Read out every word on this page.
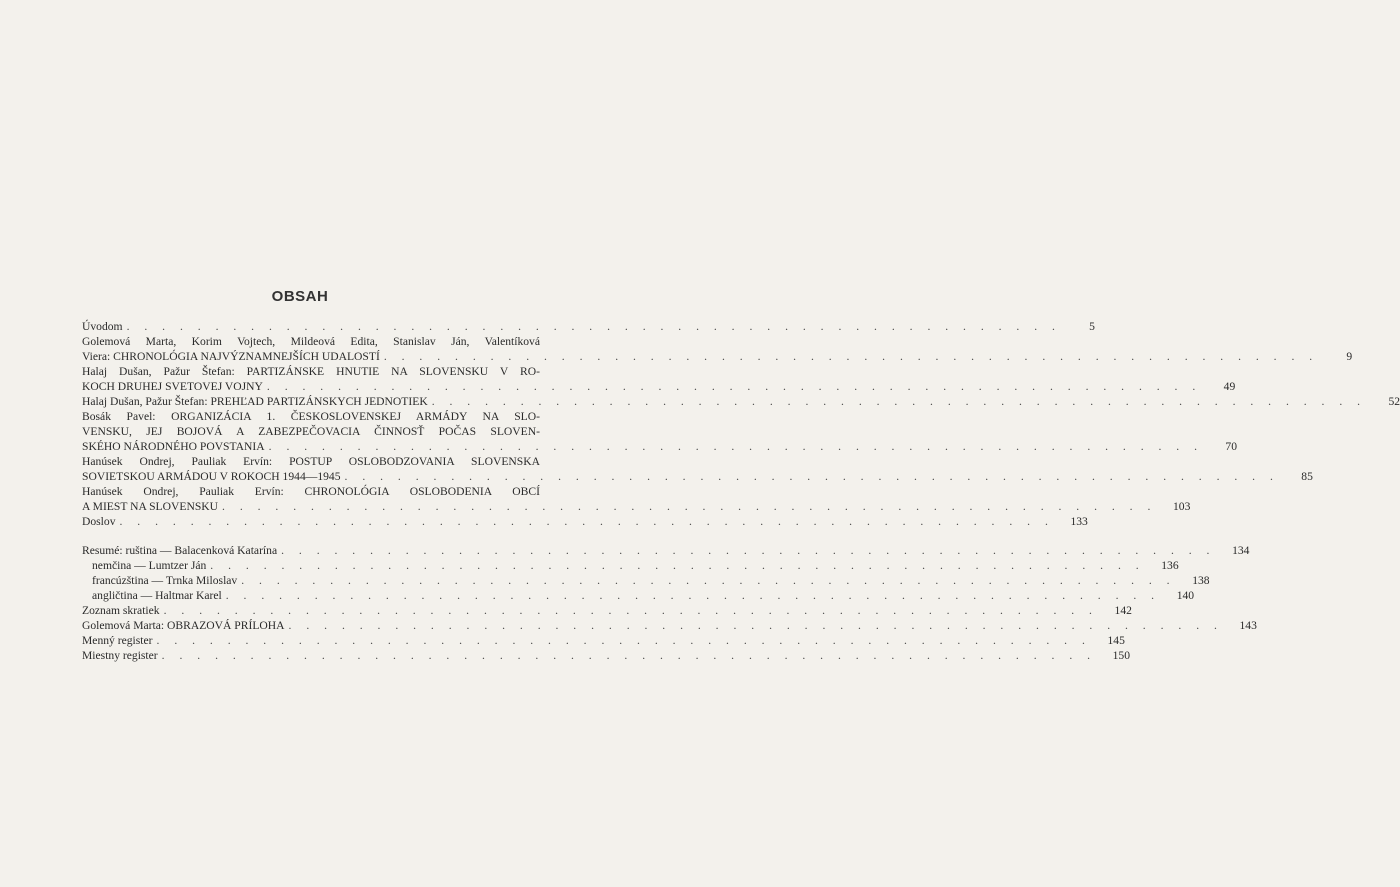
OBSAH
Úvodom . . . . . . . . . . . . . . . . . . . . . . . . . . . . . . . . . . . . . . . . . . . . . . . . . . . . .	5
Golemová Marta, Korim Vojtech, Mildeová Edita, Stanislav Ján, Valentíková
Viera: CHRONOLÓGIA NAJVÝZNAMNEJŠÍCH UDALOSTÍ . . . . . . . . . . . . . . . . . . . . . . . . . . . . . . . . . . . . . . . . . . . . . . . . . . . . .	9
Halaj Dušan, Pažur Štefan: PARTIZÁNSKE HNUTIE NA SLOVENSKU V RO-
KOCH DRUHEJ SVETOVEJ VOJNY . . . . . . . . . . . . . . . . . . . . . . . . . . . . . . . . . . . . . . . . . . . . . . . . . . . . .	49
Halaj Dušan, Pažur Štefan: PREHĽAD PARTIZÁNSKYCH JEDNOTIEK . . . . . . . . . . . . . . . . . . . . . . . . . . . . . . . . . . . . . . . . . . . . . . . . . . . . .	52
Bosák Pavel: ORGANIZÁCIA 1. ČESKOSLOVENSKEJ ARMÁDY NA SLO-
VENSKU, JEJ BOJOVÁ A ZABEZPEČOVACIA ČINNOSŤ POČAS SLOVEN-
SKÉHO NÁRODNÉHO POVSTANIA . . . . . . . . . . . . . . . . . . . . . . . . . . . . . . . . . . . . . . . . . . . . . . . . . . . . .	70
Hanúsek Ondrej, Pauliak Ervín: POSTUP OSLOBODZOVANIA SLOVENSKA
SOVIETSKOU ARMÁDOU V ROKOCH 1944—1945 . . . . . . . . . . . . . . . . . . . . . . . . . . . . . . . . . . . . . . . . . . . . . . . . . . . . .	85
Hanúsek Ondrej, Pauliak Ervín: CHRONOLÓGIA OSLOBODENIA OBCÍ
A MIEST NA SLOVENSKU . . . . . . . . . . . . . . . . . . . . . . . . . . . . . . . . . . . . . . . . . . . . . . . . . . . . .	103
Doslov . . . . . . . . . . . . . . . . . . . . . . . . . . . . . . . . . . . . . . . . . . . . . . . . . . . . .	133
Resumé: ruština — Balacenková Katarína . . . . . . . . . . . . . . . . . . . . . . . . . . . . . . . . . . . . . . . . . . . . . . . . . . . . .	134
nemčina — Lumtzer Ján . . . . . . . . . . . . . . . . . . . . . . . . . . . . . . . . . . . . . . . . . . . . . . . . . . . . .	136
francúzština — Trnka Miloslav . . . . . . . . . . . . . . . . . . . . . . . . . . . . . . . . . . . . . . . . . . . . . . . . . . . . .	138
angličtina — Haltmar Karel . . . . . . . . . . . . . . . . . . . . . . . . . . . . . . . . . . . . . . . . . . . . . . . . . . . . .	140
Zoznam skratiek . . . . . . . . . . . . . . . . . . . . . . . . . . . . . . . . . . . . . . . . . . . . . . . . . . . . .	142
Golemová Marta: OBRAZOVÁ PRÍLOHA . . . . . . . . . . . . . . . . . . . . . . . . . . . . . . . . . . . . . . . . . . . . . . . . . . . . .	143
Menný register . . . . . . . . . . . . . . . . . . . . . . . . . . . . . . . . . . . . . . . . . . . . . . . . . . . . .	145
Miestny register . . . . . . . . . . . . . . . . . . . . . . . . . . . . . . . . . . . . . . . . . . . . . . . . . . . . .	150
